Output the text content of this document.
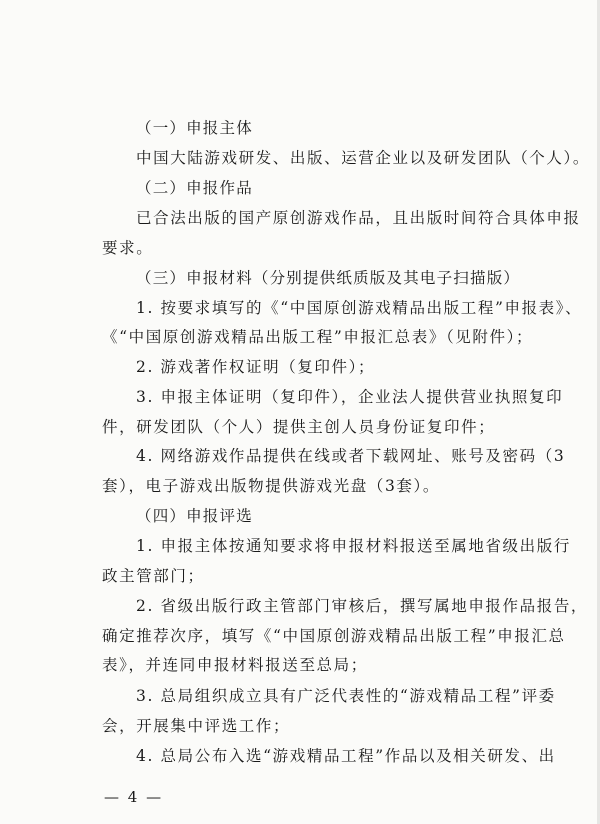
（一）申报主体
中国大陆游戏研发、出版、运营企业以及研发团队（个人）。
（二）申报作品
已合法出版的国产原创游戏作品，且出版时间符合具体申报
要求。
（三）申报材料（分别提供纸质版及其电子扫描版）
1. 按要求填写的《“中国原创游戏精品出版工程”申报表》、
《“中国原创游戏精品出版工程”申报汇总表》（见附件）；
2. 游戏著作权证明（复印件）；
3. 申报主体证明（复印件），企业法人提供营业执照复印
件，研发团队（个人）提供主创人员身份证复印件；
4. 网络游戏作品提供在线或者下载网址、账号及密码（3
套），电子游戏出版物提供游戏光盘（3套）。
（四）申报评选
1. 申报主体按通知要求将申报材料报送至属地省级出版行
政主管部门；
2. 省级出版行政主管部门审核后，撰写属地申报作品报告，
确定推荐次序，填写《“中国原创游戏精品出版工程”申报汇总
表》，并连同申报材料报送至总局；
3. 总局组织成立具有广泛代表性的“游戏精品工程”评委
会，开展集中评选工作；
4. 总局公布入选“游戏精品工程”作品以及相关研发、出
— 4 —
